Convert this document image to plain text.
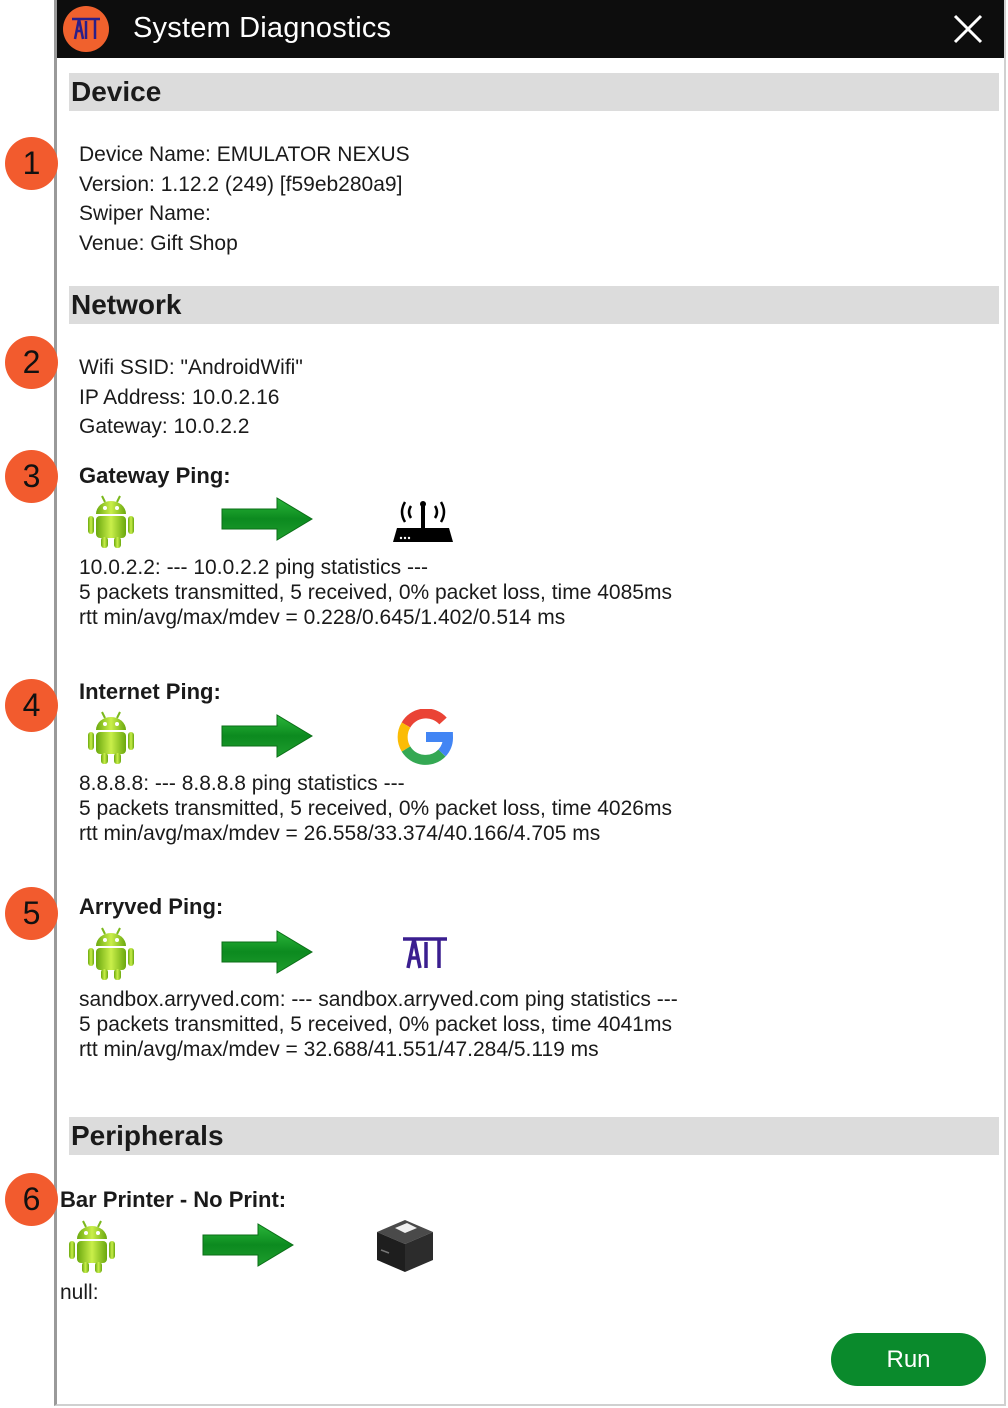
System Diagnostics
Device
Device Name: EMULATOR NEXUS
Version: 1.12.2 (249) [f59eb280a9]
Swiper Name:
Venue: Gift Shop
Network
Wifi SSID: "AndroidWifi"
IP Address: 10.0.2.16
Gateway: 10.0.2.2
Gateway Ping:
10.0.2.2: --- 10.0.2.2 ping statistics ---
5 packets transmitted, 5 received, 0% packet loss, time 4085ms
rtt min/avg/max/mdev = 0.228/0.645/1.402/0.514 ms
Internet Ping:
8.8.8.8: --- 8.8.8.8 ping statistics ---
5 packets transmitted, 5 received, 0% packet loss, time 4026ms
rtt min/avg/max/mdev = 26.558/33.374/40.166/4.705 ms
Arryved Ping:
sandbox.arryved.com: --- sandbox.arryved.com ping statistics ---
5 packets transmitted, 5 received, 0% packet loss, time 4041ms
rtt min/avg/max/mdev = 32.688/41.551/47.284/5.119 ms
Peripherals
Bar Printer - No Print:
null:
1
2
3
4
5
6
Run
